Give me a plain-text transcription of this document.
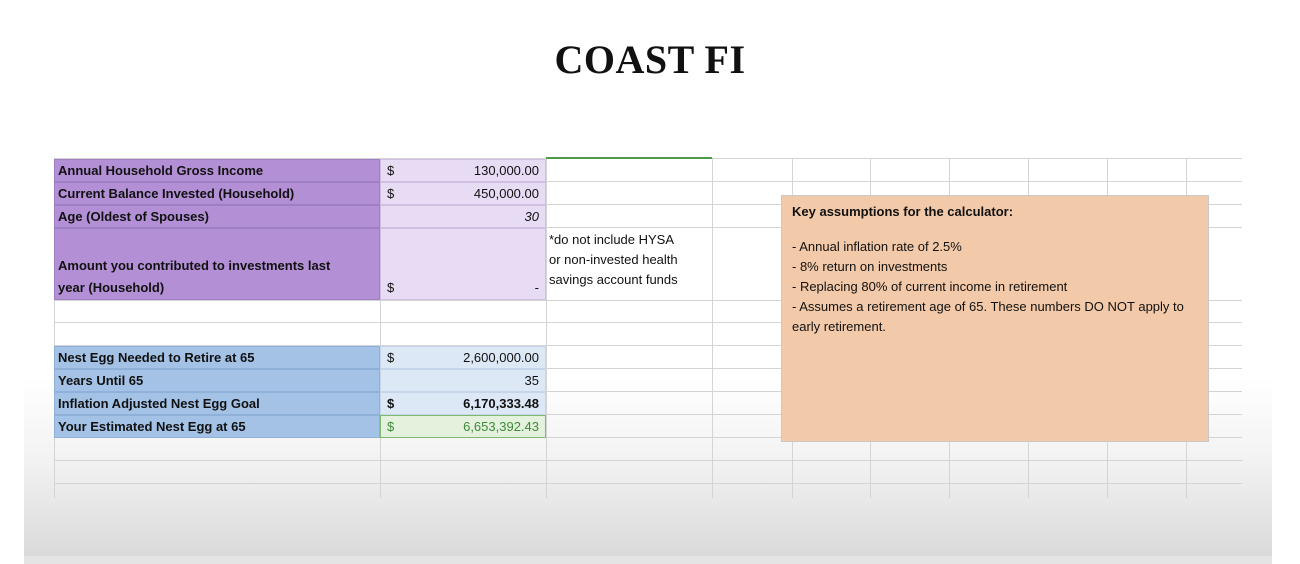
COAST FI
Annual Household Gross Income	$	130,000.00
Current Balance Invested (Household)	$	450,000.00
Age (Oldest of Spouses)	30
Amount you contributed to investments last
year (Household)	$	-
*do not include HYSA
or non-invested health
savings account funds
Nest Egg Needed to Retire at 65	$	2,600,000.00
Years Until 65	35
Inflation Adjusted Nest Egg Goal	$	6,170,333.48
Your Estimated Nest Egg at 65	$	6,653,392.43
Key assumptions for the calculator:
- Annual inflation rate of 2.5%
- 8% return on investments
- Replacing 80% of current income in retirement
- Assumes a retirement age of 65. These numbers DO NOT apply to early retirement.
